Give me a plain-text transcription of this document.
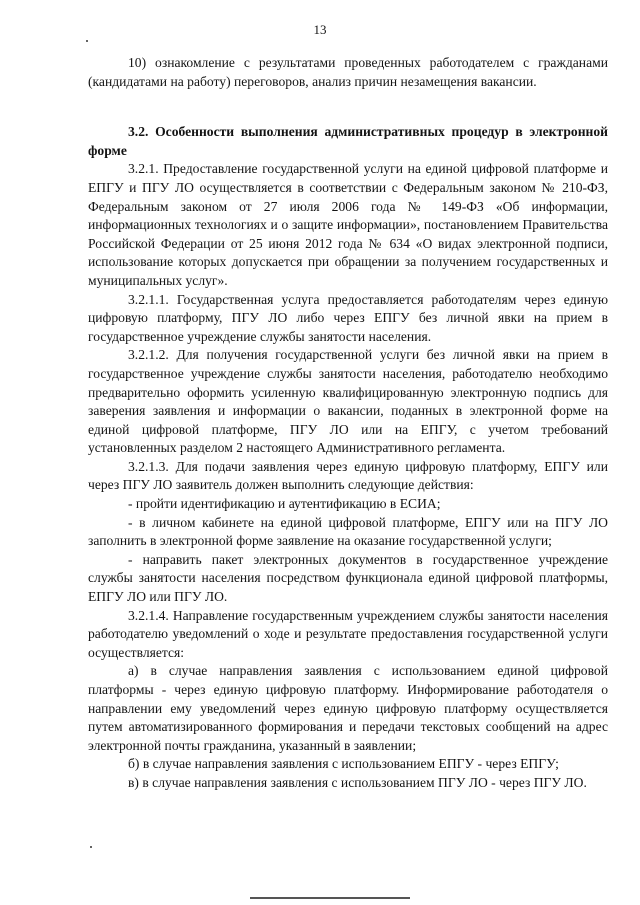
13

10) ознакомление с результатами проведенных работодателем с гражданами (кандидатами на работу) переговоров, анализ причин незамещения вакансии.

3.2. Особенности выполнения административных процедур в электронной форме

3.2.1. Предоставление государственной услуги на единой цифровой платформе и ЕПГУ и ПГУ ЛО осуществляется в соответствии с Федеральным законом № 210-ФЗ, Федеральным законом от 27 июля 2006 года № 149-ФЗ «Об информации, информационных технологиях и о защите информации», постановлением Правительства Российской Федерации от 25 июня 2012 года № 634 «О видах электронной подписи, использование которых допускается при обращении за получением государственных и муниципальных услуг».

3.2.1.1. Государственная услуга предоставляется работодателям через единую цифровую платформу, ПГУ ЛО либо через ЕПГУ без личной явки на прием в государственное учреждение службы занятости населения.

3.2.1.2. Для получения государственной услуги без личной явки на прием в государственное учреждение службы занятости населения, работодателю необходимо предварительно оформить усиленную квалифицированную электронную подпись для заверения заявления и информации о вакансии, поданных в электронной форме на единой цифровой платформе, ПГУ ЛО или на ЕПГУ, с учетом требований установленных разделом 2 настоящего Административного регламента.

3.2.1.3. Для подачи заявления через единую цифровую платформу, ЕПГУ или через ПГУ ЛО заявитель должен выполнить следующие действия:

- пройти идентификацию и аутентификацию в ЕСИА;

- в личном кабинете на единой цифровой платформе, ЕПГУ или на ПГУ ЛО заполнить в электронной форме заявление на оказание государственной услуги;

- направить пакет электронных документов в государственное учреждение службы занятости населения посредством функционала единой цифровой платформы, ЕПГУ ЛО или ПГУ ЛО.

3.2.1.4. Направление государственным учреждением службы занятости населения работодателю уведомлений о ходе и результате предоставления государственной услуги осуществляется:

а) в случае направления заявления с использованием единой цифровой платформы - через единую цифровую платформу. Информирование работодателя о направлении ему уведомлений через единую цифровую платформу осуществляется путем автоматизированного формирования и передачи текстовых сообщений на адрес электронной почты гражданина, указанный в заявлении;

б) в случае направления заявления с использованием ЕПГУ - через ЕПГУ;

в) в случае направления заявления с использованием ПГУ ЛО - через ПГУ ЛО.
